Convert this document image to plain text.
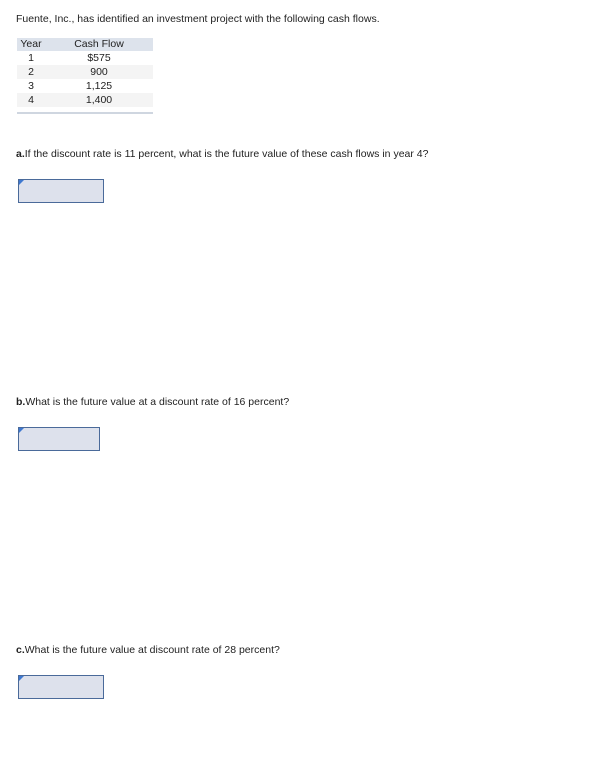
Fuente, Inc., has identified an investment project with the following cash flows.

Year	Cash Flow
1	$575
2	900
3	1,125
4	1,400

a.If the discount rate is 11 percent, what is the future value of these cash flows in year 4?

b.What is the future value at a discount rate of 16 percent?

c.What is the future value at discount rate of 28 percent?
